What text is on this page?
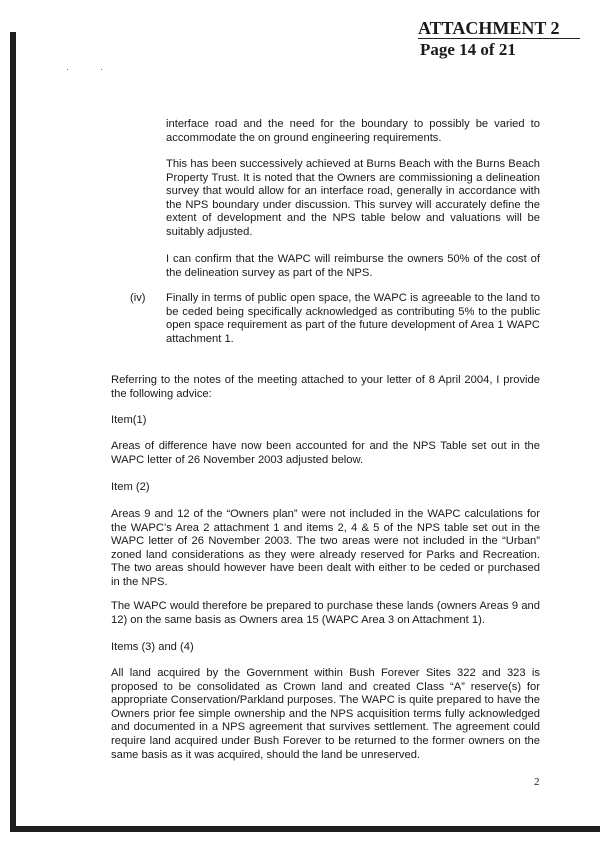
·	·
ATTACHMENT 2
Page 14 of 21

interface road and the need for the boundary to possibly be varied to accommodate the on ground engineering requirements.

This has been successively achieved at Burns Beach with the Burns Beach Property Trust. It is noted that the Owners are commissioning a delineation survey that would allow for an interface road, generally in accordance with the NPS boundary under discussion. This survey will accurately define the extent of development and the NPS table below and valuations will be suitably adjusted.

I can confirm that the WAPC will reimburse the owners 50% of the cost of the delineation survey as part of the NPS.

(iv) Finally in terms of public open space, the WAPC is agreeable to the land to be ceded being specifically acknowledged as contributing 5% to the public open space requirement as part of the future development of Area 1 WAPC attachment 1.

Referring to the notes of the meeting attached to your letter of 8 April 2004, I provide the following advice:

Item(1)

Areas of difference have now been accounted for and the NPS Table set out in the WAPC letter of 26 November 2003 adjusted below.

Item (2)

Areas 9 and 12 of the “Owners plan” were not included in the WAPC calculations for the WAPC’s Area 2 attachment 1 and items 2, 4 & 5 of the NPS table set out in the WAPC letter of 26 November 2003. The two areas were not included in the “Urban” zoned land considerations as they were already reserved for Parks and Recreation. The two areas should however have been dealt with either to be ceded or purchased in the NPS.

The WAPC would therefore be prepared to purchase these lands (owners Areas 9 and 12) on the same basis as Owners area 15 (WAPC Area 3 on Attachment 1).

Items (3) and (4)

All land acquired by the Government within Bush Forever Sites 322 and 323 is proposed to be consolidated as Crown land and created Class “A” reserve(s) for appropriate Conservation/Parkland purposes. The WAPC is quite prepared to have the Owners prior fee simple ownership and the NPS acquisition terms fully acknowledged and documented in a NPS agreement that survives settlement. The agreement could require land acquired under Bush Forever to be returned to the former owners on the same basis as it was acquired, should the land be unreserved.

2
